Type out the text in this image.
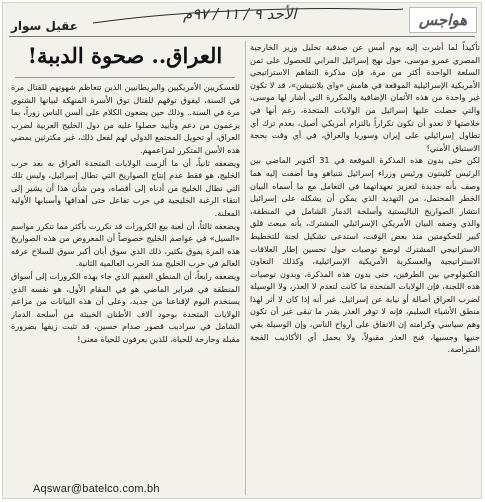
هواجس
الأحد ٩ / ١١ / ٩٧م
عقيل سوار
العراق.. صحوة الدببة!	تأكيداً لما أشرت إليه يوم أمس عن صدقية تحليل وزير الخارجية المصري عمرو موسى، حول نهج إسرائيل المرابي للحصول على ثمن السلعة الواحدة أكثر من مرة، فإن مذكرة التفاهم الاستراتيجي الأمريكية الإسرائيلية الموقعة في هامش «واي بلانتيشن»، قد لا تكون غير واحدة من هذه الأثمان الإضافية والمكررة التي أشار لها موسى، والتي حصلت عليها إسرائيل من الولايات المتحدة، رغم أنها في خلاصتها لا تعدو أن تكون تكراراً بالتزام أمريكي أصيل، بعدم ترك أي تطاول إسرائيلي على إيران وسوريا والعراق، في أي وقت بحجة الاستباق الأمني!

لكن حتى بدون هذه المذكرة الموقعة في 31 أكتوبر الماضي بين الرئيس كلينتون ورئيس وزراء إسرائيل نتنياهو وما أضفت إليه هما وصف بأنه جديدة لتعزيز تعهداتهما في التعامل مع ما أسماه البيان الخطر المحتمل، من التهديد الذي يمكن أن يشكله على إسرائيل انتشار الصواريخ الباليستية وأسلحة الدمار الشامل في المنطقة، والذي وصفه البيان الأمريكي الإسرائيلي المشترك، بأنه مبعث قلق كبير للحكومتين منذ بعض الوقت، استدعى تشكيل لجنة للتخطيط الاستراتيجي المشترك لوضع توصيات حول تحسين إطار العلاقات الاستراتيجية والعسكرية الأمريكية الإسرائيلية، وكذلك التعاون التكنولوجي بين الطرفين، حتى بدون هذه المذكرة، وبدون توصيات هذه اللجنة، فإن الولايات المتحدة ما كانت لتعدم لا العذر، ولا الوسيلة لضرب العراق أصالة أو نيابة عن إسرائيل. غير أنه إذا كان لا أثر لهذا منطق الأشياء السليم، فإنه لا توفر العذر بقدر ما تبقى غير أن تكون وهم سياسي وكرامته إن الاتفاق على أرواح الناس، وإن الوسيلة بقي جنيها وجسيها، فبح العذر مقبولاً، ولا يحمل أي الأكاذيب الفجة المتراصة.

للعسكريين الأمريكيين والبريطانيين الذين تتعاظم شهوتهم للقتال مرة في السنة، ليفوق توقهم للقتال توق الأسرة المنهكة لبياتها الشتوي مرة في السنة.. وذلك حين يضعون الكلام على ألسن الناس زوراً، بما يزعمون من دعم وتأييد حصلوا عليه من دول الخليج العربية لضرب العراق، أو تحويل المجتمع الدولي لهم لفعل ذلك، غير مكترثين بمضي هذه الأسن المتكرر لمزاعمهم.

ويضعفه ثانياً، أن ما ألزمت الولايات المتحدة العراق به بعد حرب الخليج، هو فقط عدم إنتاج الصواريخ التي تطال إسرائيل، وليس تلك التي تطال الخليج من أدناه إلى أقصاه، ومن شأن هذا أن يشير إلى انتقاء الرغبة الخليجية في حرب تفاعل حتى أهدافها وأسبابها الأولية المعلنة.

ويضعفه ثالثاً، أن لعبة بيع الكروزات قد تكررت بأكثر مما تتكرر مواسم «السيل» في عواصم الخليج خصوصاً أن المعروض من هذه الصواريخ هذه المرة يفوق بكثير، ذلك الذي سوق أبان أكبر سوق للسلاح عرفه العالم في حرب الخليج منذ الحرب العالمية الثانية.

ويضعفه رابعاً، أن المنطق العقيم الذي جاء بهذه الكروزات إلى أسواق المنطقة في فبراير الماضي هو في المقام الأول، هو نفسه الذي يستخدم اليوم لإقناعنا من جديد، وعلى أن هذه البيانات من مزاعم الولايات المتحدة بوجود آلاف الأطنان الخبيئة من أسلحة الدمار الشامل في سراديب قصور صدام حسين، قد تثبت زيفها بضرورة مقبلة وجارحة للحياة، للذين يعرفون للحياة معنى!

Aqswar@batelco.com.bh
